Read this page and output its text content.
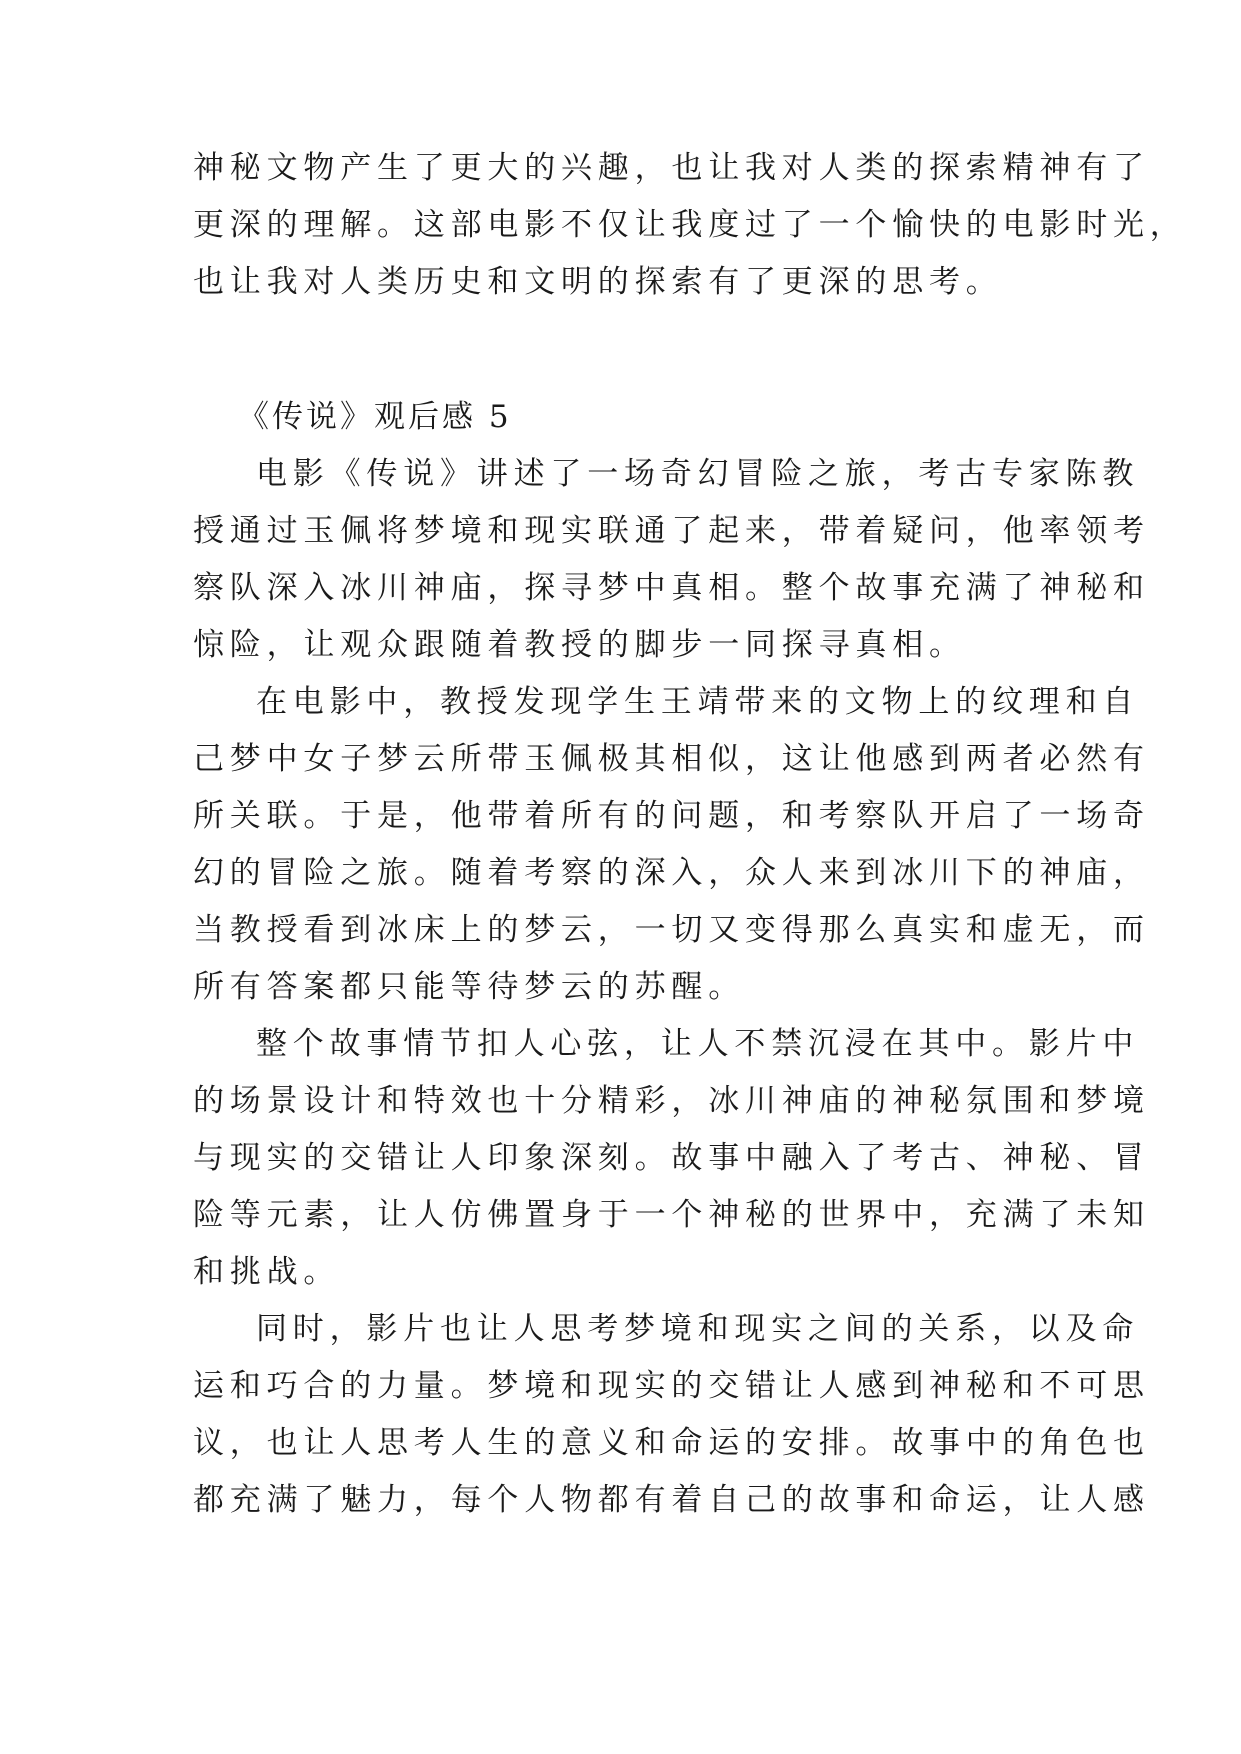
神秘文物产生了更大的兴趣，也让我对人类的探索精神有了
更深的理解。这部电影不仅让我度过了一个愉快的电影时光，
也让我对人类历史和文明的探索有了更深的思考。
《传说》观后感 5
电影《传说》讲述了一场奇幻冒险之旅，考古专家陈教
授通过玉佩将梦境和现实联通了起来，带着疑问，他率领考
察队深入冰川神庙，探寻梦中真相。整个故事充满了神秘和
惊险，让观众跟随着教授的脚步一同探寻真相。
在电影中，教授发现学生王靖带来的文物上的纹理和自
己梦中女子梦云所带玉佩极其相似，这让他感到两者必然有
所关联。于是，他带着所有的问题，和考察队开启了一场奇
幻的冒险之旅。随着考察的深入，众人来到冰川下的神庙，
当教授看到冰床上的梦云，一切又变得那么真实和虚无，而
所有答案都只能等待梦云的苏醒。
整个故事情节扣人心弦，让人不禁沉浸在其中。影片中
的场景设计和特效也十分精彩，冰川神庙的神秘氛围和梦境
与现实的交错让人印象深刻。故事中融入了考古、神秘、冒
险等元素，让人仿佛置身于一个神秘的世界中，充满了未知
和挑战。
同时，影片也让人思考梦境和现实之间的关系，以及命
运和巧合的力量。梦境和现实的交错让人感到神秘和不可思
议，也让人思考人生的意义和命运的安排。故事中的角色也
都充满了魅力，每个人物都有着自己的故事和命运，让人感
